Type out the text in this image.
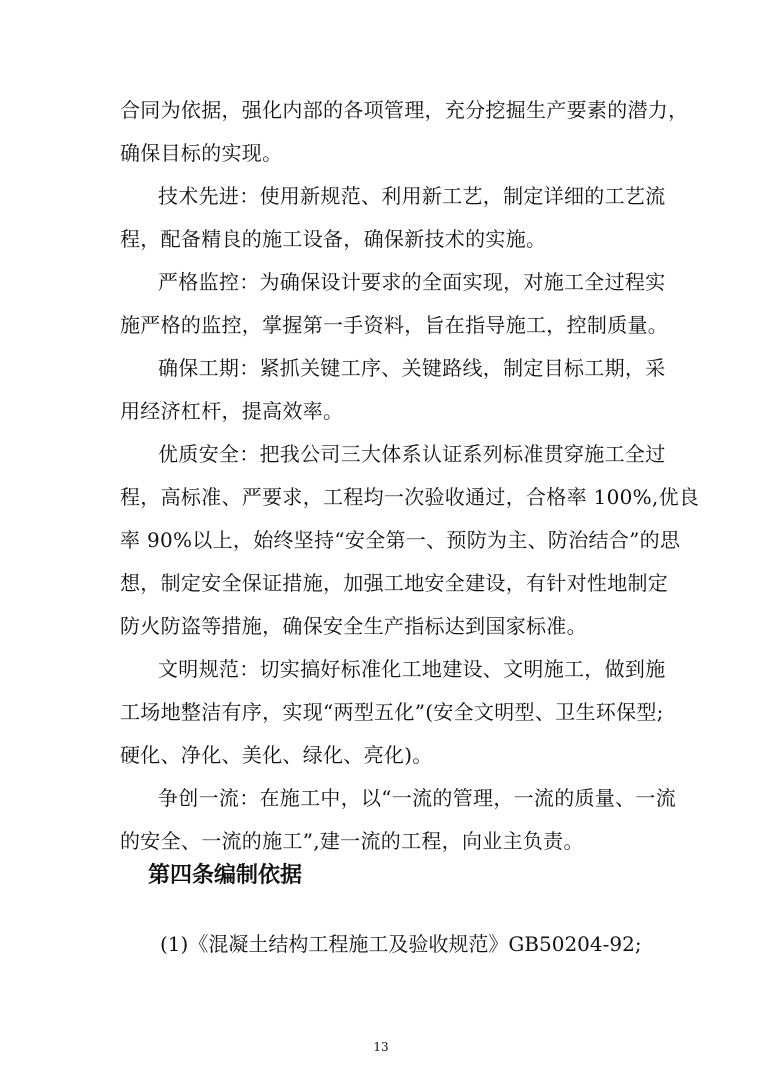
合同为依据，强化内部的各项管理，充分挖掘生产要素的潜力，
确保目标的实现。
技术先进：使用新规范、利用新工艺，制定详细的工艺流
程，配备精良的施工设备，确保新技术的实施。
严格监控：为确保设计要求的全面实现，对施工全过程实
施严格的监控，掌握第一手资料，旨在指导施工，控制质量。
确保工期：紧抓关键工序、关键路线，制定目标工期，采
用经济杠杆，提高效率。
优质安全：把我公司三大体系认证系列标准贯穿施工全过
程，高标准、严要求，工程均一次验收通过，合格率 100%,优良
率 90%以上，始终坚持“安全第一、预防为主、防治结合”的思
想，制定安全保证措施，加强工地安全建设，有针对性地制定
防火防盗等措施，确保安全生产指标达到国家标准。
文明规范：切实搞好标准化工地建设、文明施工，做到施
工场地整洁有序，实现“两型五化”(安全文明型、卫生环保型;
硬化、净化、美化、绿化、亮化)。
争创一流：在施工中，以“一流的管理，一流的质量、一流
的安全、一流的施工”,建一流的工程，向业主负责。
第四条编制依据
(1)《混凝土结构工程施工及验收规范》GB50204-92;
13
